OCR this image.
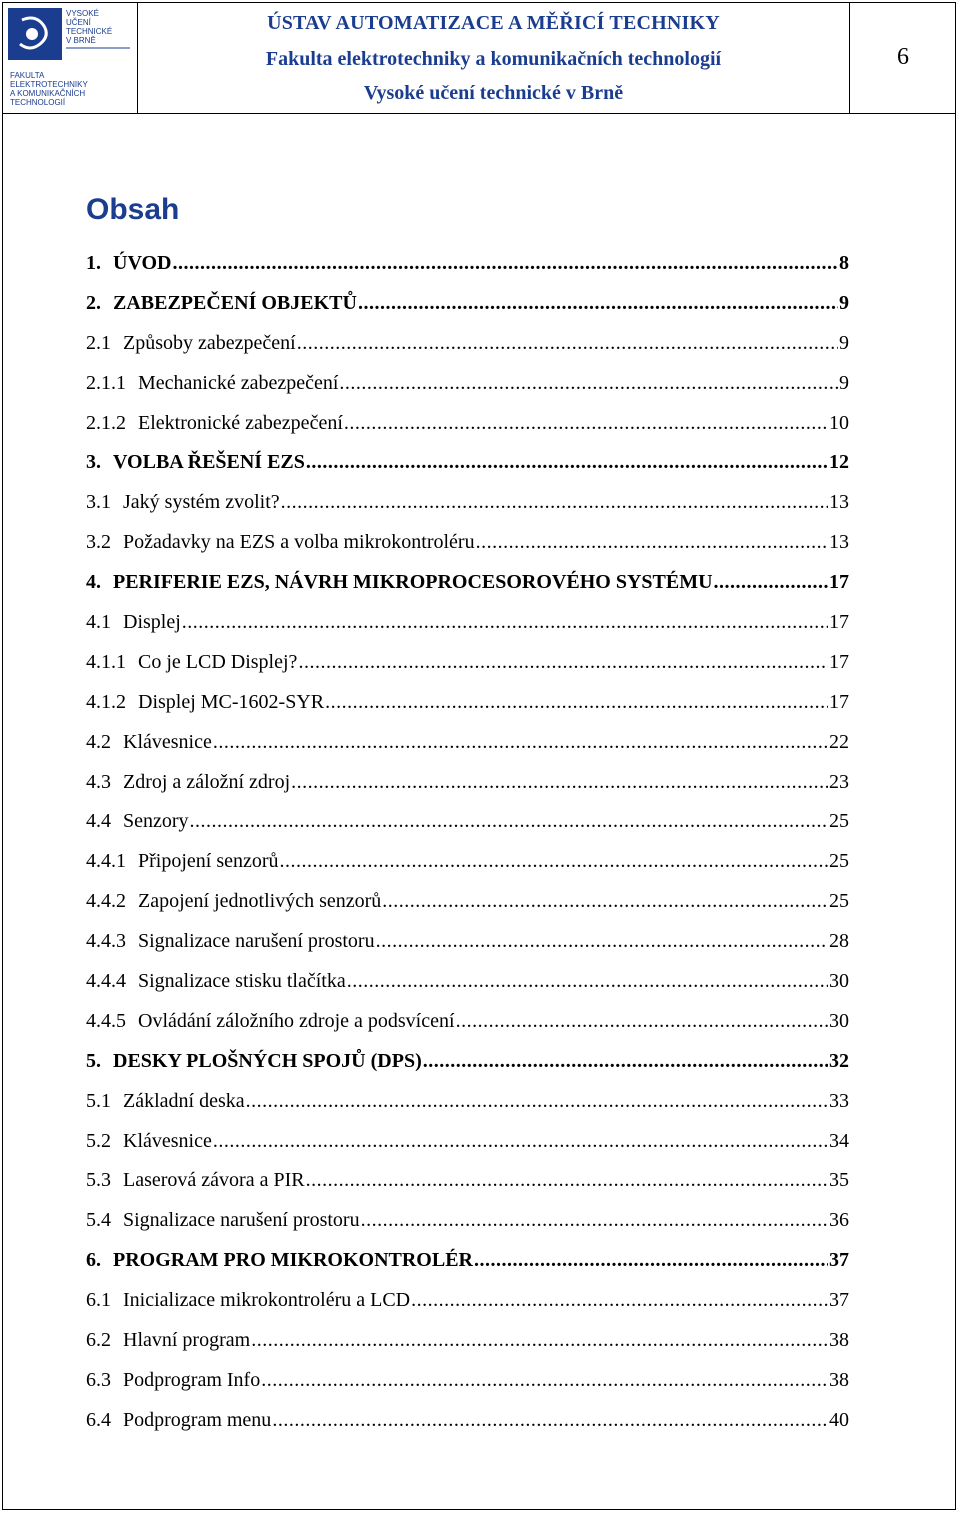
VYSOKÉ
UČENÍ
TECHNICKÉ
V BRNĚ
FAKULTA
ELEKTROTECHNIKY
A KOMUNIKAČNÍCH
TECHNOLOGIÍ
ÚSTAV AUTOMATIZACE A MĚŘICÍ TECHNIKY
Fakulta elektrotechniky a komunikačních technologií
Vysoké učení technické v Brně
6
Obsah
1. ÚVOD .....	8
2. ZABEZPEČENÍ OBJEKTŮ .....	9
2.1 Způsoby zabezpečení .....	9
2.1.1 Mechanické zabezpečení .....	9
2.1.2 Elektronické zabezpečení .....	10
3. VOLBA ŘEŠENÍ EZS .....	12
3.1 Jaký systém zvolit? .....	13
3.2 Požadavky na EZS a volba mikrokontroléru .....	13
4. PERIFERIE EZS, NÁVRH MIKROPROCESOROVÉHO SYSTÉMU .....	17
4.1 Displej .....	17
4.1.1 Co je LCD Displej? .....	17
4.1.2 Displej MC-1602-SYR .....	17
4.2 Klávesnice .....	22
4.3 Zdroj a záložní zdroj .....	23
4.4 Senzory .....	25
4.4.1 Připojení senzorů .....	25
4.4.2 Zapojení jednotlivých senzorů .....	25
4.4.3 Signalizace narušení prostoru .....	28
4.4.4 Signalizace stisku tlačítka .....	30
4.4.5 Ovládání záložního zdroje a podsvícení .....	30
5. DESKY PLOŠNÝCH SPOJŮ (DPS) .....	32
5.1 Základní deska .....	33
5.2 Klávesnice .....	34
5.3 Laserová závora a PIR .....	35
5.4 Signalizace narušení prostoru .....	36
6. PROGRAM PRO MIKROKONTROLÉR .....	37
6.1 Inicializace mikrokontroléru a LCD .....	37
6.2 Hlavní program .....	38
6.3 Podprogram Info .....	38
6.4 Podprogram menu .....	40
